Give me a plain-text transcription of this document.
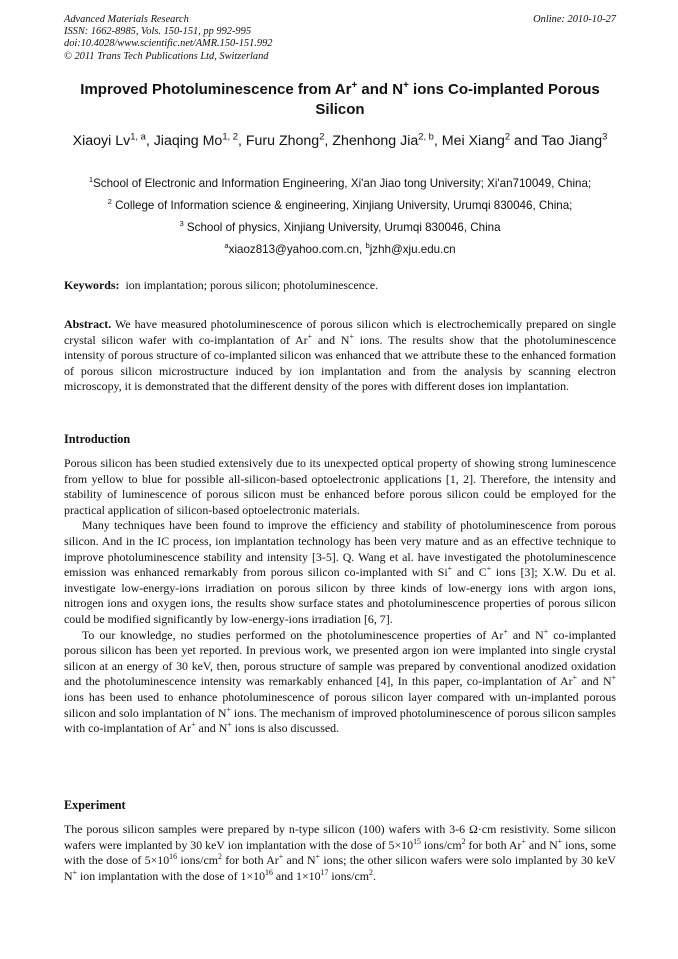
Advanced Materials Research
ISSN: 1662-8985, Vols. 150-151, pp 992-995
doi:10.4028/www.scientific.net/AMR.150-151.992
© 2011 Trans Tech Publications Ltd, Switzerland
Online: 2010-10-27
Improved Photoluminescence from Ar+ and N+ ions Co-implanted Porous Silicon
Xiaoyi Lv$^{1, a}$, Jiaqing Mo$^{1, 2}$, Furu Zhong$^2$, Zhenhong Jia$^{2, b}$, Mei Xiang$^2$ and Tao Jiang$^3$
$^1$School of Electronic and Information Engineering, Xi'an Jiao tong University; Xi'an710049, China;
$^2$ College of Information science & engineering, Xinjiang University, Urumqi 830046, China;
$^3$ School of physics, Xinjiang University, Urumqi 830046, China
$^a$xiaoz813@yahoo.com.cn, $^b$jzhh@xju.edu.cn

Keywords: ion implantation; porous silicon; photoluminescence.

Abstract. We have measured photoluminescence of porous silicon which is electrochemically prepared on single crystal silicon wafer with co-implantation of Ar+ and N+ ions. The results show that the photoluminescence intensity of porous structure of co-implanted silicon was enhanced that we attribute these to the enhanced formation of porous silicon microstructure induced by ion implantation and from the analysis by scanning electron microscopy, it is demonstrated that the different density of the pores with different doses ion implantation.

Introduction

Porous silicon has been studied extensively due to its unexpected optical property of showing strong luminescence from yellow to blue for possible all-silicon-based optoelectronic applications [1, 2]. Therefore, the intensity and stability of luminescence of porous silicon must be enhanced before porous silicon could be employed for the practical application of silicon-based optoelectronic materials.

Many techniques have been found to improve the efficiency and stability of photoluminescence from porous silicon. And in the IC process, ion implantation technology has been very mature and as an effective technique to improve photoluminescence stability and intensity [3-5]. Q. Wang et al. have investigated the photoluminescence emission was enhanced remarkably from porous silicon co-implanted with Si+ and C+ ions [3]; X.W. Du et al. investigate low-energy-ions irradiation on porous silicon by three kinds of low-energy ions with argon ions, nitrogen ions and oxygen ions, the results show surface states and photoluminescence properties of porous silicon could be modified significantly by low-energy-ions irradiation [6, 7].

To our knowledge, no studies performed on the photoluminescence properties of Ar+ and N+ co-implanted porous silicon has been yet reported. In previous work, we presented argon ion were implanted into single crystal silicon at an energy of 30 keV, then, porous structure of sample was prepared by conventional anodized oxidation and the photoluminescence intensity was remarkably enhanced [4], In this paper, co-implantation of Ar+ and N+ ions has been used to enhance photoluminescence of porous silicon layer compared with un-implanted porous silicon and solo implantation of N+ ions. The mechanism of improved photoluminescence of porous silicon samples with co-implantation of Ar+ and N+ ions is also discussed.

Experiment

The porous silicon samples were prepared by n-type silicon (100) wafers with 3-6 Ω·cm resistivity. Some silicon wafers were implanted by 30 keV ion implantation with the dose of $5\times 10^{15}$ ions/$cm^2$ for both Ar+ and N+ ions, some with the dose of $5\times 10^{16}$ ions/$cm^2$ for both Ar+ and N+ ions; the other silicon wafers were solo implanted by 30 keV N+ ion implantation with the dose of $1\times 10^{16}$ and $1\times 10^{17}$ ions/$cm^2$.
